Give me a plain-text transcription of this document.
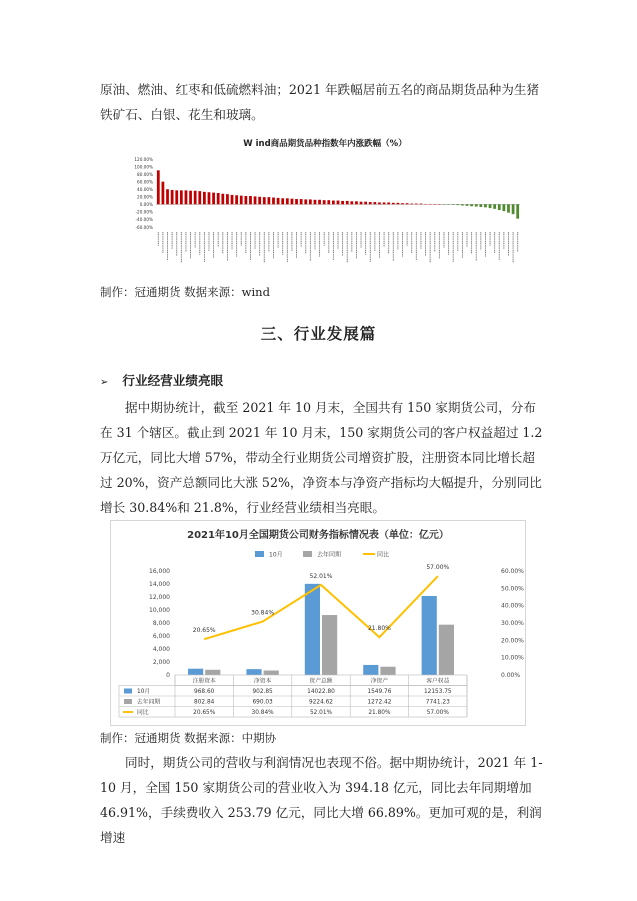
原油、燃油、红枣和低硫燃料油；2021 年跌幅居前五名的商品期货品种为生猪铁矿石、白银、花生和玻璃。

W ind商品期货品种指数年内涨跌幅（%）
120.00%
100.00%
80.00%
60.00%
40.00%
20.00%
0.00%
-20.00%
-40.00%
-60.00%
制作：冠通期货 数据来源：wind
三、行业发展篇
➢ 行业经营业绩亮眼

据中期协统计，截至 2021 年 10 月末，全国共有 150 家期货公司，分布在 31 个辖区。截止到 2021 年 10 月末，150 家期货公司的客户权益超过 1.2 万亿元，同比大增 57%，带动全行业期货公司增资扩股，注册资本同比增长超过 20%，资产总额同比大涨 52%，净资本与净资产指标均大幅提升，分别同比增长 30.84%和 21.8%，行业经营业绩相当亮眼。

2021年10月全国期货公司财务指标情况表（单位：亿元）
10月	去年同期	同比
16,000
14,000
12,000
10,000
8,000
6,000
4,000
2,000
0
60.00%
50.00%
40.00%
30.00%
20.00%
10.00%
0.00%
20.65%
30.84%
52.01%
21.80%
57.00%
注册资本	净资本	资产总额	净资产	客户权益
10月	968.60	902.85	14022.80	1549.76	12153.75
去年同期	802.84	690.03	9224.62	1272.42	7741.23
同比	20.65%	30.84%	52.01%	21.80%	57.00%
制作：冠通期货 数据来源：中期协

同时，期货公司的营收与利润情况也表现不俗。据中期协统计，2021 年 1-10 月，全国 150 家期货公司的营业收入为 394.18 亿元，同比去年同期增加 46.91%，手续费收入 253.79 亿元，同比大增 66.89%。更加可观的是，利润增速
